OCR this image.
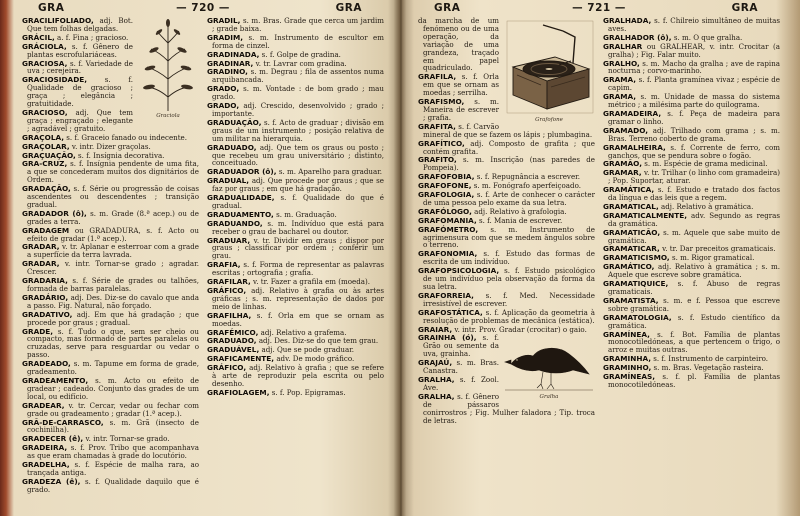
GRA	— 720 —	GRA
Graciola

GRACILIFOLIADO, adj. Bot. Que tem folhas delgadas.

GRÁCIL, a. f. Fina ; gracioso.

GRÁCIOLA, s. f. Gênero de plantas escrofulariáceas.

GRACIOSA, s. f. Variedade de uva ; cerejeira.

GRACIOSIDADE, s. f. Qualidade de gracioso ; graça ; elegância ; gratuitidade.

GRACIOSO, adj. Que tem graça ; engraçado ; elegante ; agradável ; gratuito.

GRAÇOLA, s. f. Graceio fanado ou indecente.

GRAÇOLAR, v. intr. Dizer graçolas.

GRAÇUAÇÃO, s. f. Insígnia decorativa.

GRA-CRUZ, s. f. Insígnia pendente de uma fita, a que se concederam muitos dos dignitários de Ordem.

GRADAÇÃO, s. f. Série ou progressão de coisas ascendentes ou descendentes ; transição gradual.

GRADADOR (ô), s. m. Grade (8.ª acep.) ou de grades a terra.

GRADAGEM ou GRADADURA, s. f. Acto ou efeito de gradar (1.ª acep.).

GRADAR, v. tr. Aplanar e esterroar com a grade a superfície da terra lavrada.

GRADAR, v. intr. Tornar-se grado ; agradar. Crescer.

GRADARIA, s. f. Série de grades ou talhões, formada de barras paralelas.

GRADÁRIO, adj. Des. Diz-se do cavalo que anda a passo. Fig. Natural, não forçado.

GRADATIVO, adj. Em que há gradação ; que procede por graus ; gradual.

GRADE, s. f. Tudo o que, sem ser cheio ou compacto, mas formado de partes paralelas ou cruzadas, serve para resguardar ou vedar o passo.

GRADEADO, s. m. Tapume em forma de grade, gradeamento.

GRADEAMENTO, s. m. Acto ou efeito de gradear ; cadeado. Conjunto das grades de um local, ou edifício.

GRADEAR, v. tr. Cercar, vedar ou fechar com grade ou gradeamento ; gradar (1.ª acep.).

GRÃ-DE-CARRASCO, s. m. Grã (insecto de cochinilha).

GRADECER (ê), v. intr. Tornar-se grado.

GRADEIRA, s. f. Prov. Tribo que acompanhava as que eram chamadas à grade do locutório.

GRADELHA, s. f. Espécie de malha rara, ao trançada antiga.

GRADEZA (ê), s. f. Qualidade daquilo que é grado.

GRADIL, s. m. Bras. Grade que cerca um jardim ; grade baixa.

GRADIM, s. m. Instrumento de escultor em forma de cinzel.

GRADINADA, s. f. Golpe de gradina.

GRADINAR, v. tr. Lavrar com gradina.

GRADINO, s. m. Degrau ; fila de assentos numa arquibancada.

GRADO, s. m. Vontade : de bom grado ; mau grado.

GRADO, adj. Crescido, desenvolvido ; grado ; importante.

GRADUAÇÃO, s. f. Acto de graduar ; divisão em graus de um instrumento ; posição relativa de um militar na hierarquia.

GRADUADO, adj. Que tem os graus ou posto ; que recebeu um grau universitário ; distinto, conceituado.

GRADUADOR (ô), s. m. Aparelho para graduar.

GRADUAL, adj. Que procede por graus ; que se faz por graus ; em que há gradação.

GRADUALIDADE, s. f. Qualidade do que é gradual.

GRADUAMENTO, s. m. Graduação.

GRADUANDO, s. m. Indivíduo que está para receber o grau de bacharel ou doutor.

GRADUAR, v. tr. Dividir em graus ; dispor por graus ; classificar por ordem ; conferir um grau.

GRAFIA, s. f. Forma de representar as palavras escritas ; ortografia ; grafia.

GRAFILAR, v. tr. Fazer a grafila em (moeda).

GRÁFICO, adj. Relativo à grafia ou às artes gráficas ; s. m. representação de dados por meio de linhas.

GRAFILHA, s. f. Orla em que se ornam as moedas.

GRAFÉMICO, adj. Relativo a grafema.

GRADUADO, adj. Des. Diz-se do que tem grau.

GRADUÁVEL, adj. Que se pode graduar.

GRAFICAMENTE, adv. De modo gráfico.

GRÁFICO, adj. Relativo à grafia ; que se refere à arte de reproduzir pela escrita ou pelo desenho.

GRAFIOLAGEM, s. f. Pop. Epigramas.

GRA	— 721 —	GRA
Grafofone

da marcha de um fenómeno ou de uma operação, da variação de uma grandeza, traçado em papel quadriculado.

GRAFILA, s. f. Orla em que se ornam as moedas ; serrilha.

GRAFISMO, s. m. Maneira de escrever ; grafia.

GRAFITA, s. f. Carvão mineral de que se fazem os lápis ; plumbagina.

GRAFÍTICO, adj. Composto de grafita ; que contém grafita.

GRAFITO, s. m. Inscrição (nas paredes de Pompeia).

GRAFOFOBIA, s. f. Repugnância a escrever.

GRAFOFONE, s. m. Fonógrafo aperfeiçoado.

GRAFOLOGIA, s. f. Arte de conhecer o carácter de uma pessoa pelo exame da sua letra.

GRAFÓLOGO, adj. Relativo à grafologia.

GRAFOMANIA, s. f. Mania de escrever.

GRAFÓMETRO, s. m. Instrumento de agrimensura com que se medem ângulos sobre o terreno.

GRAFONOMIA, s. f. Estudo das formas de escrita de um indivíduo.

GRAFOPSICOLOGIA, s. f. Estudo psicológico de um indivíduo pela observação da forma da sua letra.

GRAFORREIA, s. f. Med. Necessidade irresistível de escrever.

GRAFOSTÁTICA, s. f. Aplicação da geometria à resolução de problemas de mecânica (estática).

GRAIAR, v. intr. Prov. Gradar (crocitar) o gaio.

Gralha

GRAINHA (ó), s. f. Grão ou semente da uva, grainha.

GRAJAÚ, s. m. Bras. Canastra.

GRALHA, s. f. Zool. Ave.

GRALHA, s. f. Gênero de pássaros conirrostros ; Fig. Mulher faladora ; Tip. troca de letras.

GRALHADA, s. f. Chilreio simultâneo de muitas aves.

GRALHADOR (ô), s. m. O que gralha.

GRALHAR ou GRALHEAR, v. intr. Crocitar (a gralha) ; Fig. Falar muito.

GRALHO, s. m. Macho da gralha ; ave de rapina nocturna ; corvo-marinho.

GRAMA, s. f. Planta gramínea vivaz ; espécie de capim.

GRAMA, s. m. Unidade de massa do sistema métrico ; a milésima parte do quilograma.

GRAMADEIRA, s. f. Peça de madeira para gramar o linho.

GRAMADO, adj. Trilhado com grama ; s. m. Bras. Terreno coberto de grama.

GRAMALHEIRA, s. f. Corrente de ferro, com ganchos, que se pendura sobre o fogão.

GRAMÃO, s. m. Espécie de grama medicinal.

GRAMAR, v. tr. Trilhar (o linho com gramadeira) ; Pop. Suportar, aturar.

GRAMÁTICA, s. f. Estudo e tratado dos factos da língua e das leis que a regem.

GRAMATICAL, adj. Relativo à gramática.

GRAMATICALMENTE, adv. Segundo as regras da gramática.

GRAMATICÃO, s. m. Aquele que sabe muito de gramática.

GRAMATICAR, v. tr. Dar preceitos gramaticais.

GRAMATICISMO, s. m. Rigor gramatical.

GRAMÁTICO, adj. Relativo à gramática ; s. m. Aquele que escreve sobre gramática.

GRAMATIQUICE, s. f. Abuso de regras gramaticais.

GRAMATISTA, s. m. e f. Pessoa que escreve sobre gramática.

GRAMATOLOGIA, s. f. Estudo científico da gramática.

GRAMÍNEA, s. f. Bot. Família de plantas monocotiledóneas, a que pertencem o trigo, o arroz e muitas outras.

GRAMINHA, s. f. Instrumento de carpinteiro.

GRAMINHO, s. m. Bras. Vegetação rasteira.

GRAMÍNEAS, s. f. pl. Família de plantas monocotiledóneas.
